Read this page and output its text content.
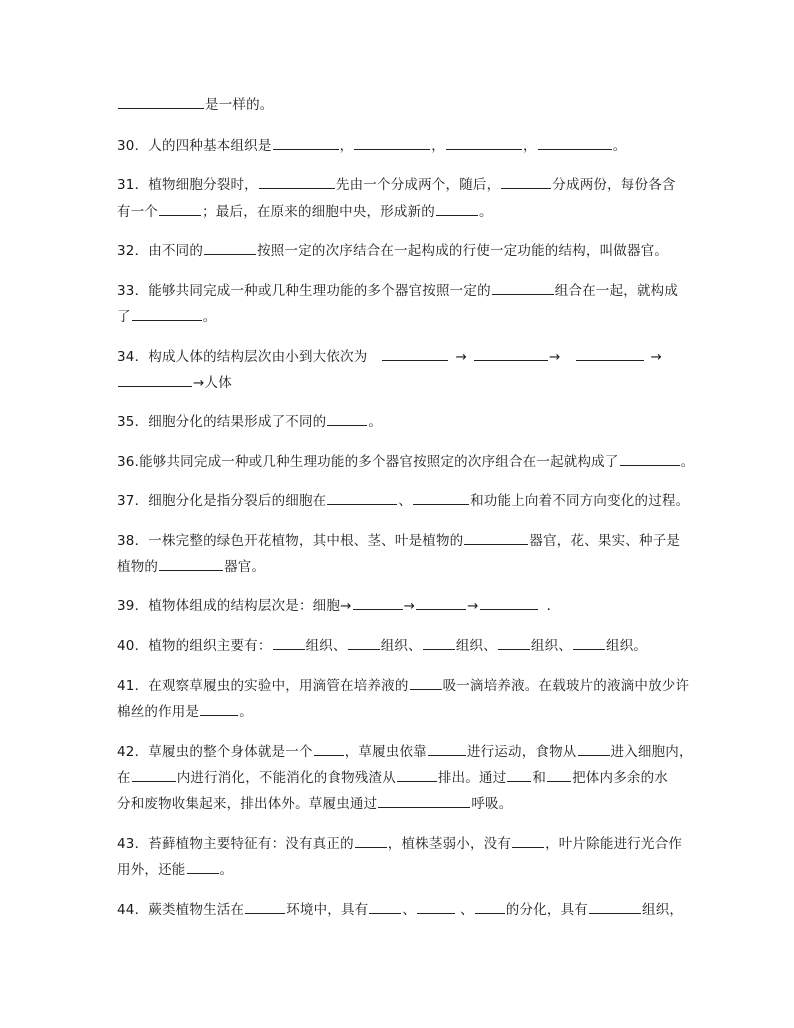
是一样的。
30．人的四种基本组织是	，	，	，	。
31．植物细胞分裂时，	先由一个分成两个，随后，	分成两份，每份各含
有一个	；最后，在原来的细胞中央，形成新的	。
32．由不同的	按照一定的次序结合在一起构成的行使一定功能的结构，叫做器官。
33．能够共同完成一种或几种生理功能的多个器官按照一定的	组合在一起，就构成
了	。
34．构成人体的结构层次由小到大依次为	→	→	→
→人体
35．细胞分化的结果形成了不同的	。
36.能够共同完成一种或几种生理功能的多个器官按照定的次序组合在一起就构成了	。
37．细胞分化是指分裂后的细胞在	、	和功能上向着不同方向变化的过程。
38．一株完整的绿色开花植物，其中根、茎、叶是植物的	器官，花、果实、种子是
植物的	器官。
39．植物体组成的结构层次是：细胞→	→	→	．
40．植物的组织主要有：	组织、	组织、	组织、	组织、	组织。
41．在观察草履虫的实验中，用滴管在培养液的	吸一滴培养液。在载玻片的液滴中放少许
棉丝的作用是	。
42．草履虫的整个身体就是一个 ，草履虫依靠	进行运动，食物从	进入细胞内，
在	内进行消化，不能消化的食物残渣从	排出。通过 和 把体内多余的水
分和废物收集起来，排出体外。草履虫通过	呼吸。
43．苔藓植物主要特征有：没有真正的	，植株茎弱小，没有	，叶片除能进行光合作
用外，还能	。
44．蕨类植物生活在	环境中，具有	、	、 的分化，具有	组织，
